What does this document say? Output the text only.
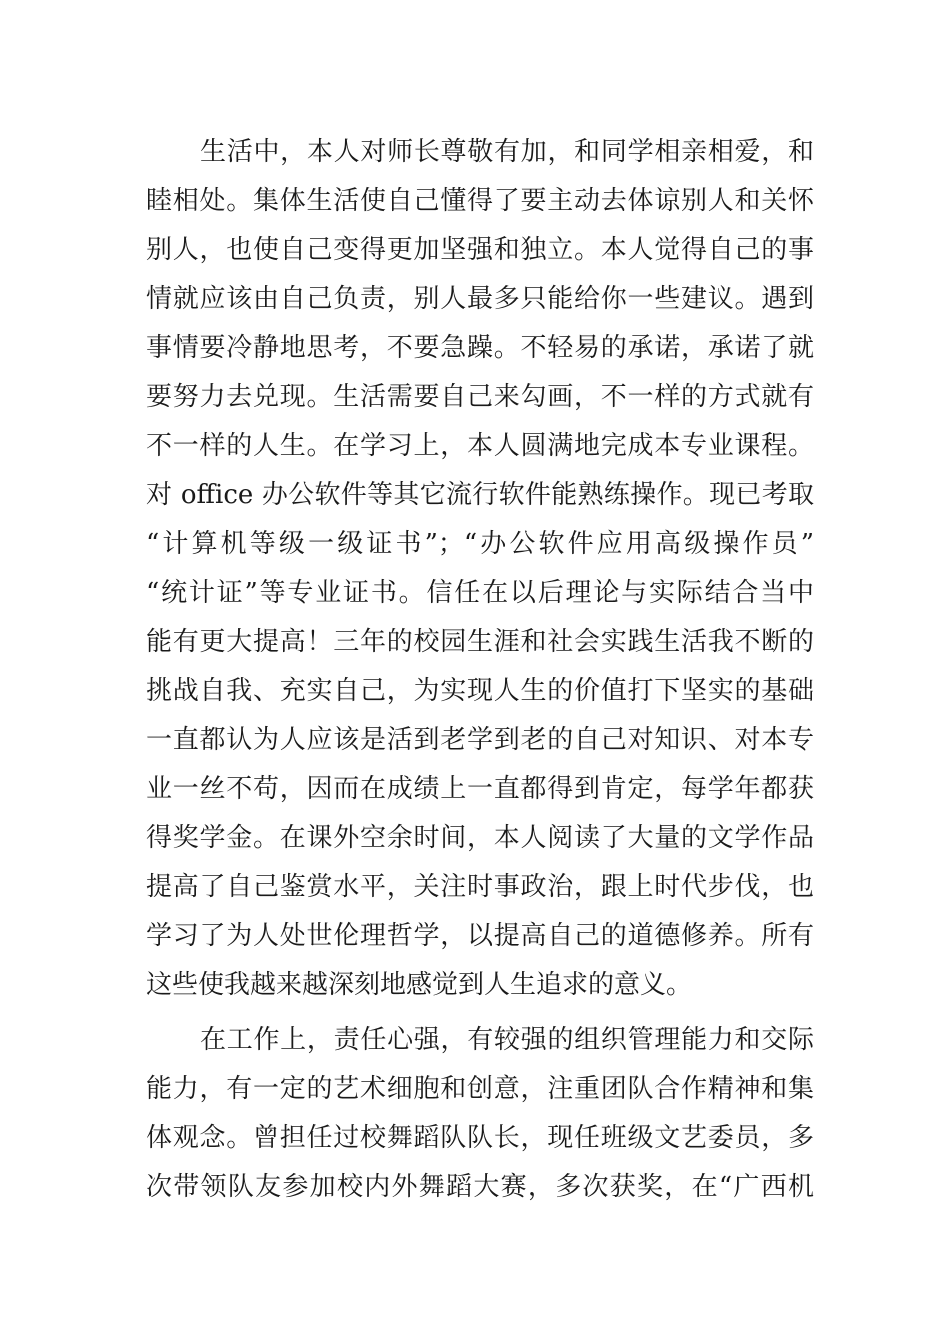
生活中，本人对师长尊敬有加，和同学相亲相爱，和
睦相处。集体生活使自己懂得了要主动去体谅别人和关怀
别人，也使自己变得更加坚强和独立。本人觉得自己的事
情就应该由自己负责，别人最多只能给你一些建议。遇到
事情要冷静地思考，不要急躁。不轻易的承诺，承诺了就
要努力去兑现。生活需要自己来勾画，不一样的方式就有
不一样的人生。在学习上，本人圆满地完成本专业课程。
对 office 办公软件等其它流行软件能熟练操作。现已考取
“计算机等级一级证书”；“办公软件应用高级操作员”
“统计证”等专业证书。信任在以后理论与实际结合当中
能有更大提高！三年的校园生涯和社会实践生活我不断的
挑战自我、充实自己，为实现人生的价值打下坚实的基础
一直都认为人应该是活到老学到老的自己对知识、对本专
业一丝不苟，因而在成绩上一直都得到肯定，每学年都获
得奖学金。在课外空余时间，本人阅读了大量的文学作品
提高了自己鉴赏水平，关注时事政治，跟上时代步伐，也
学习了为人处世伦理哲学，以提高自己的道德修养。所有
这些使我越来越深刻地感觉到人生追求的意义。
在工作上，责任心强，有较强的组织管理能力和交际
能力，有一定的艺术细胞和创意，注重团队合作精神和集
体观念。曾担任过校舞蹈队队长，现任班级文艺委员，多
次带领队友参加校内外舞蹈大赛，多次获奖，在“广西机
